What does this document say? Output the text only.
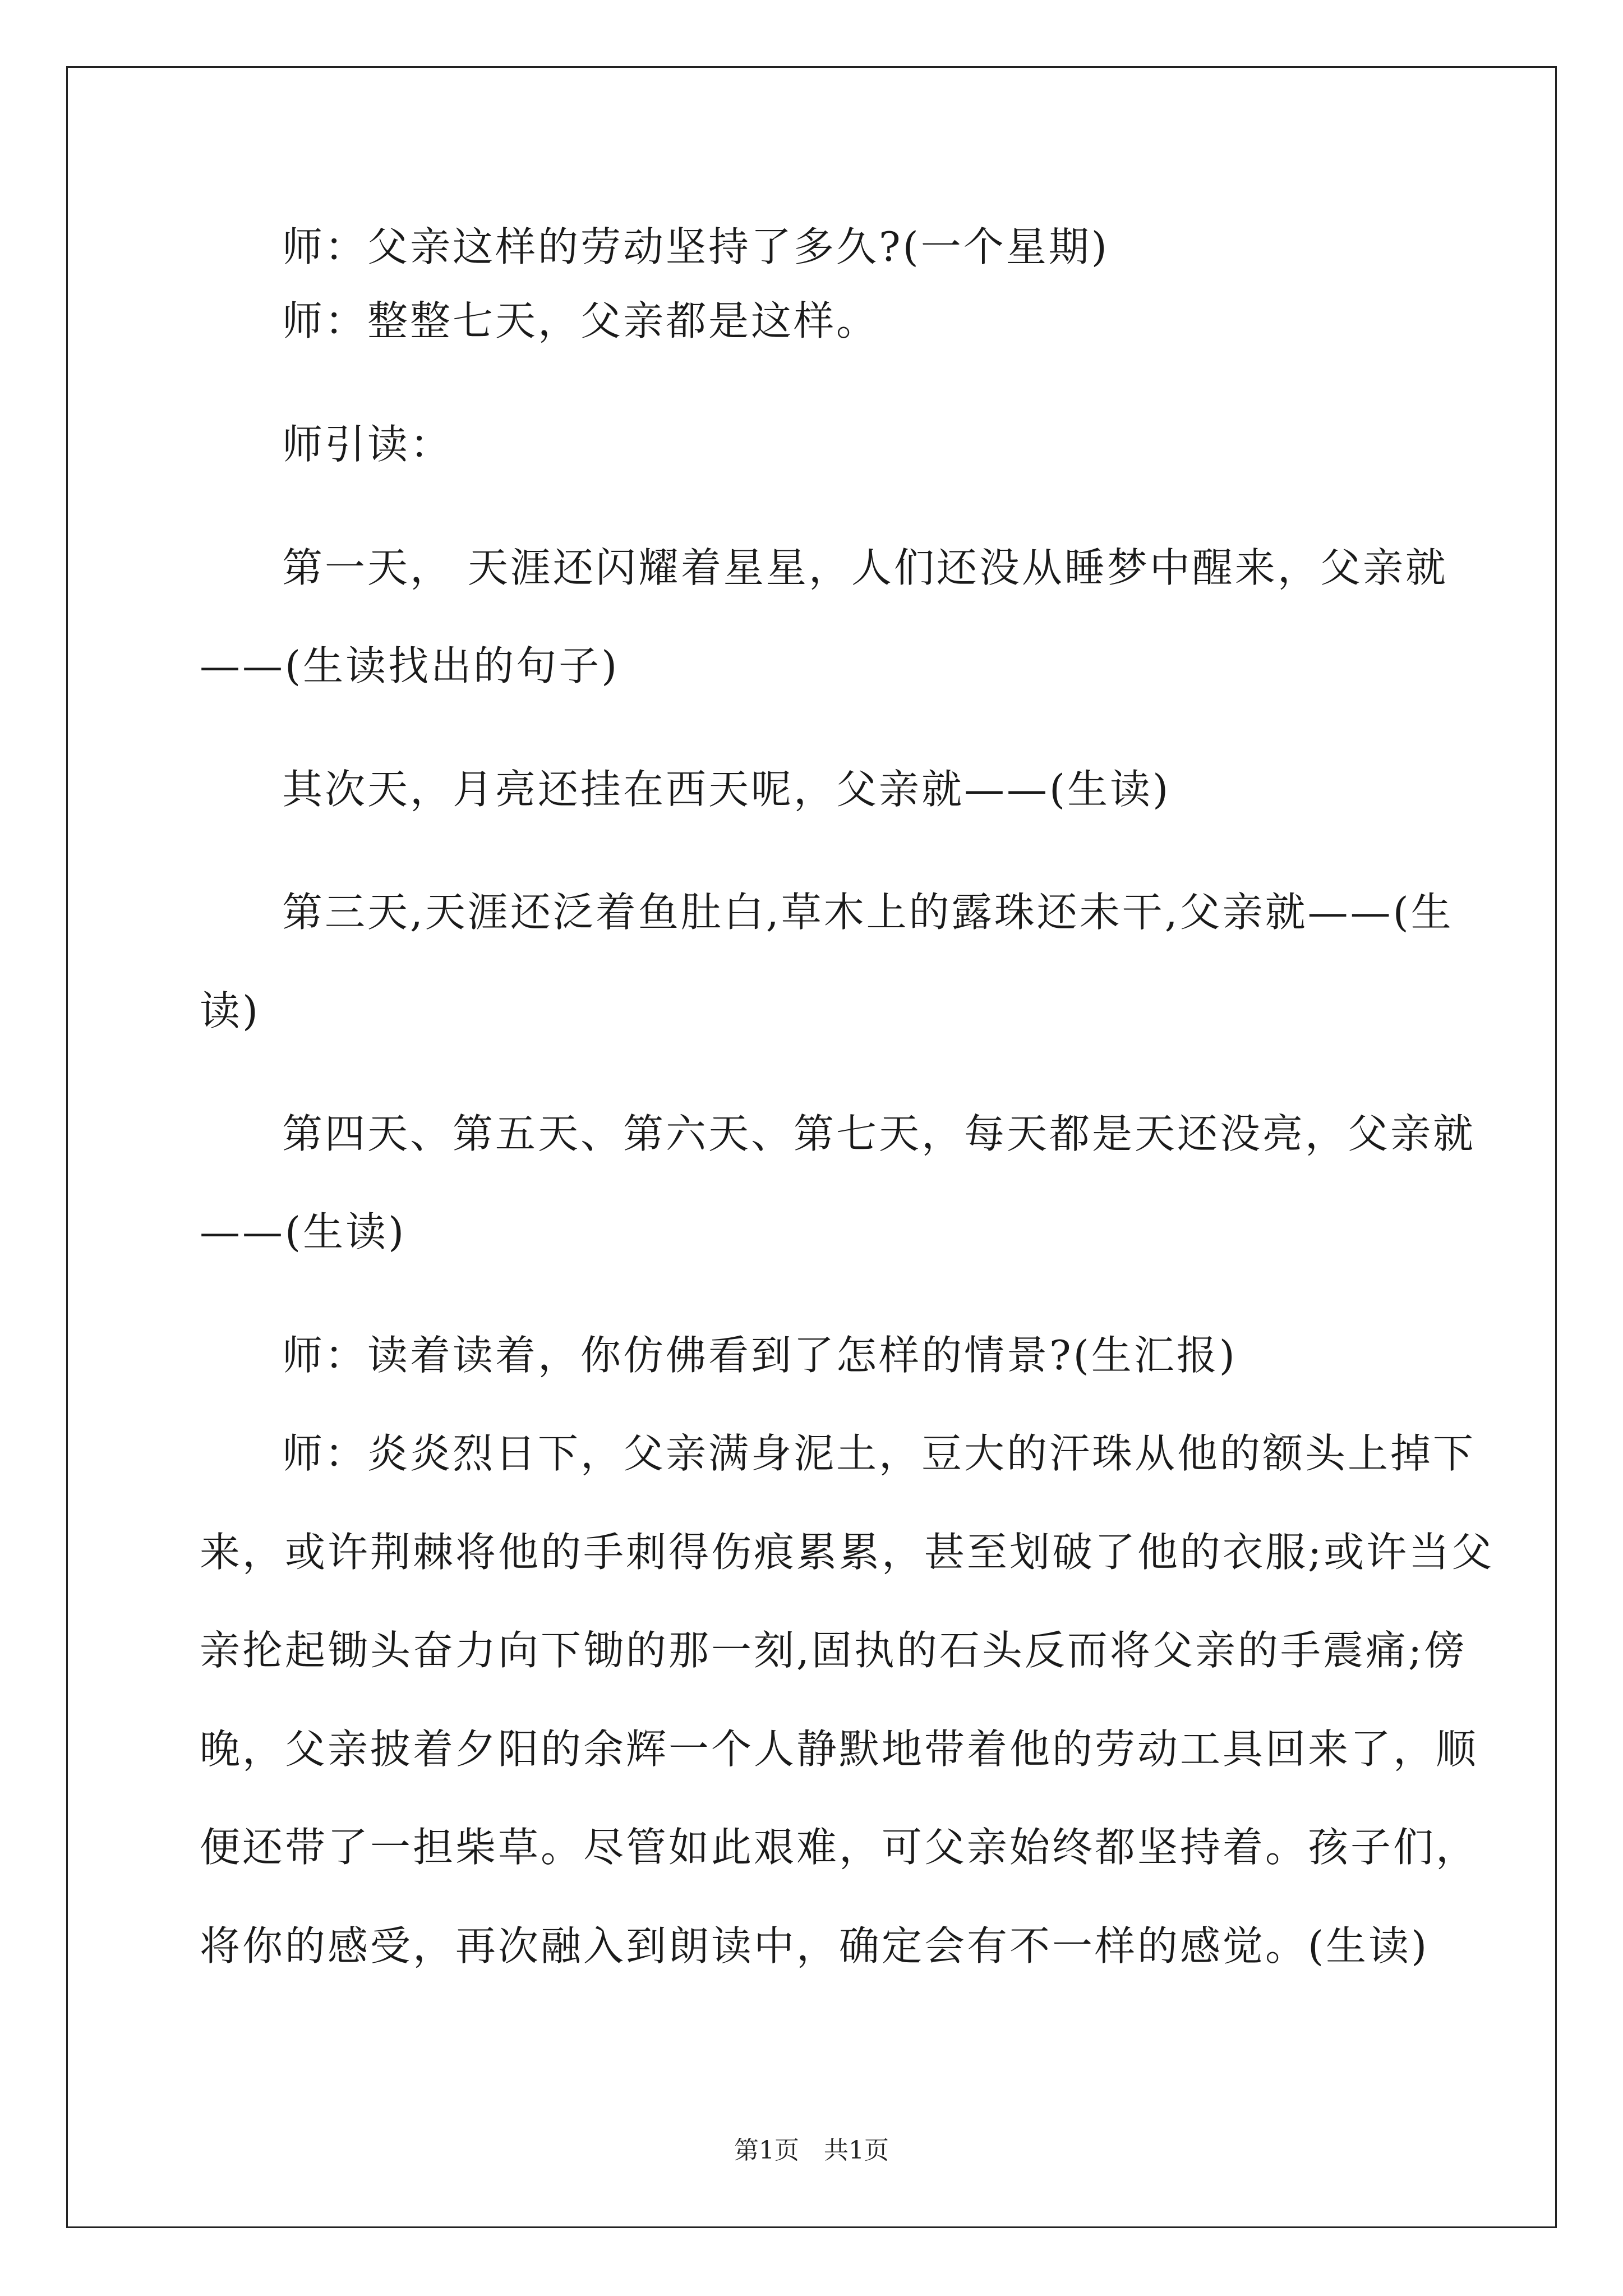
师：父亲这样的劳动坚持了多久?(一个星期)
师：整整七天，父亲都是这样。
师引读：
第一天， 天涯还闪耀着星星，人们还没从睡梦中醒来，父亲就
——(生读找出的句子)
其次天，月亮还挂在西天呢，父亲就——(生读)
第三天,天涯还泛着鱼肚白,草木上的露珠还未干,父亲就——(生
读)
第四天、第五天、第六天、第七天，每天都是天还没亮，父亲就
——(生读)
师：读着读着，你仿佛看到了怎样的情景?(生汇报)
师：炎炎烈日下，父亲满身泥土，豆大的汗珠从他的额头上掉下
来，或许荆棘将他的手刺得伤痕累累，甚至划破了他的衣服;或许当父
亲抡起锄头奋力向下锄的那一刻,固执的石头反而将父亲的手震痛;傍
晚，父亲披着夕阳的余辉一个人静默地带着他的劳动工具回来了，顺
便还带了一担柴草。尽管如此艰难，可父亲始终都坚持着。孩子们，
将你的感受，再次融入到朗读中，确定会有不一样的感觉。(生读)
第1页　共1页
